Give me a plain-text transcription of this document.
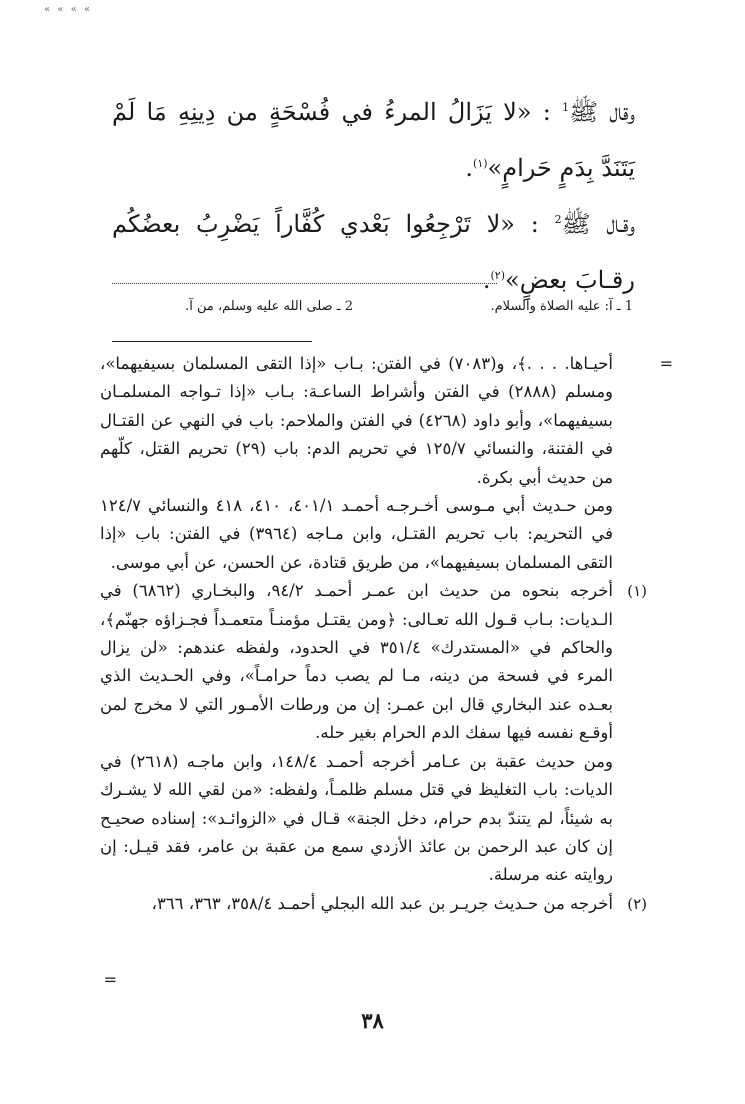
« « « «

وقال ﷺ$^1$ : «لا يَزَالُ المرءُ في فُسْحَةٍ من دِينِهِ مَا لَمْ يَتَنَدَّ بِدَمٍ حَرامٍ»$^{(١)}$.

وقـال ﷺ$^2$ : «لا تَرْجِعُوا بَعْدي كُفَّاراً يَضْرِبُ بعضُكُم رقـابَ بعضٍ»$^{(٢)}$.

1 ـ آ: عليه الصلاة والسلام.
2 ـ صلى الله عليه وسلم، من آ.
=

أحيـاها. . . .﴾، و(٧٠٨٣) في الفتن: بـاب «إذا التقى المسلمان بسيفيهما»، ومسلم (٢٨٨٨) في الفتن وأشراط الساعـة: بـاب «إذا تـواجه المسلمـان بسيفيهما»، وأبو داود (٤٢٦٨) في الفتن والملاحم: باب في النهي عن القتـال في الفتنة، والنسائي ١٢٥/٧ في تحريم الدم: باب (٢٩) تحريم القتل، كلّهم من حديث أبي بكرة.

ومن حـديث أبي مـوسى أخـرجـه أحمـد ٤٠١/١، ٤١٠، ٤١٨ والنسائي ١٢٤/٧ في التحريم: باب تحريم القتـل، وابن مـاجه (٣٩٦٤) في الفتن: باب «إذا التقى المسلمان بسيفيهما»، من طريق قتادة، عن الحسن، عن أبي موسى.

(١)

أخرجه بنحوه من حديث ابن عمـر أحمـد ٩٤/٢، والبخـاري (٦٨٦٢) في الـديات: بـاب قـول الله تعـالى: ﴿ومن يقتـل مؤمنـاً متعمـداً فجـزاؤه جهنّم﴾، والحاكم في «المستدرك» ٣٥١/٤ في الحدود، ولفظه عندهم: «لن يزال المرء في فسحة من دينه، مـا لم يصب دماً حرامـاً»، وفي الحـديث الذي بعـده عند البخاري قال ابن عمـر: إن من ورطات الأمـور التي لا مخرج لمن أوقـع نفسه فيها سفك الدم الحرام بغير حله.

ومن حديث عقبة بن عـامر أخرجه أحمـد ١٤٨/٤، وابن ماجـه (٢٦١٨) في الديات: باب التغليظ في قتل مسلم ظلمـاً، ولفظه: «من لقي الله لا يشـرك به شيئاً، لم يتندّ بدم حرام، دخل الجنة» قـال في «الزوائـد»: إسناده صحيـح إن كان عبد الرحمن بن عائذ الأزدي سمع من عقبة بن عامر، فقد قيـل: إن روايته عنه مرسلة.

(٢)

أخرجه من حـديث جريـر بن عبد الله البجلي أحمـد ٣٥٨/٤، ٣٦٣، ٣٦٦،

=
٣٨
